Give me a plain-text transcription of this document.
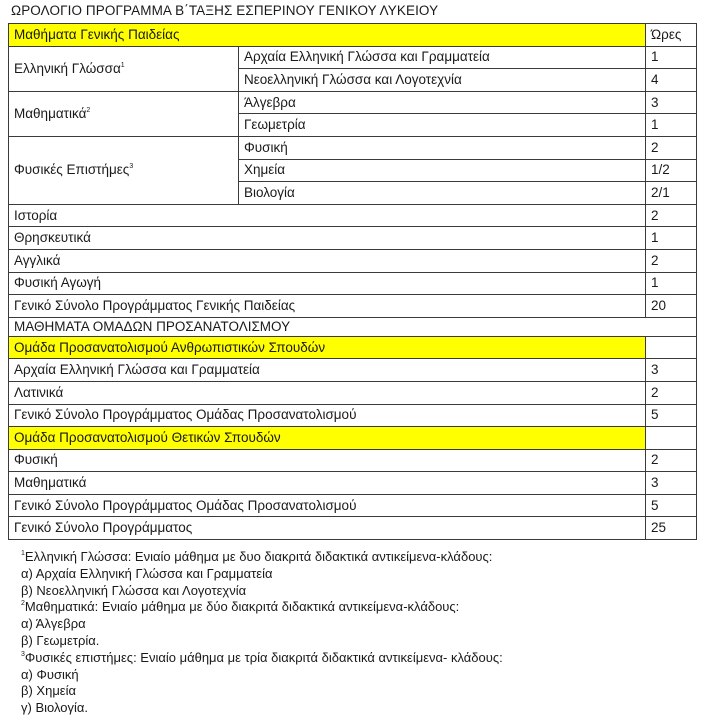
ΩΡΟΛΟΓΙΟ ΠΡΟΓΡΑΜΜΑ Β΄ΤΑΞΗΣ ΕΣΠΕΡΙΝΟΥ ΓΕΝΙΚΟΥ ΛΥΚΕΙΟΥ
Μαθήματα Γενικής Παιδείας		Ώρες
Ελληνική Γλώσσα$^1$	Αρχαία Ελληνική Γλώσσα και Γραμματεία	1
	Νεοελληνική Γλώσσα και Λογοτεχνία	4
Μαθηματικά$^2$	Άλγεβρα	3
	Γεωμετρία	1
Φυσικές Επιστήμες$^3$	Φυσική	2
	Χημεία	1/2
	Βιολογία	2/1
Ιστορία		2
Θρησκευτικά		1
Αγγλικά		2
Φυσική Αγωγή		1
Γενικό Σύνολο Προγράμματος Γενικής Παιδείας		20
ΜΑΘΗΜΑΤΑ ΟΜΑΔΩΝ ΠΡΟΣΑΝΑΤΟΛΙΣΜΟΥ		
Ομάδα Προσανατολισμού Ανθρωπιστικών Σπουδών		
Αρχαία Ελληνική Γλώσσα και Γραμματεία		3
Λατινικά		2
Γενικό Σύνολο Προγράμματος Ομάδας Προσανατολισμού		5
Ομάδα Προσανατολισμού Θετικών Σπουδών		
Φυσική		2
Μαθηματικά		3
Γενικό Σύνολο Προγράμματος Ομάδας Προσανατολισμού		5
Γενικό Σύνολο Προγράμματος		25
$^1$Ελληνική Γλώσσα: Ενιαίο μάθημα με δυο διακριτά διδακτικά αντικείμενα-κλάδους:
α) Αρχαία Ελληνική Γλώσσα και Γραμματεία
β) Νεοελληνική Γλώσσα και Λογοτεχνία
$^2$Μαθηματικά: Ενιαίο μάθημα με δύο διακριτά διδακτικά αντικείμενα-κλάδους:
α) Άλγεβρα
β) Γεωμετρία.
$^3$Φυσικές επιστήμες: Ενιαίο μάθημα με τρία διακριτά διδακτικά αντικείμενα- κλάδους:
α) Φυσική
β) Χημεία
γ) Βιολογία.
